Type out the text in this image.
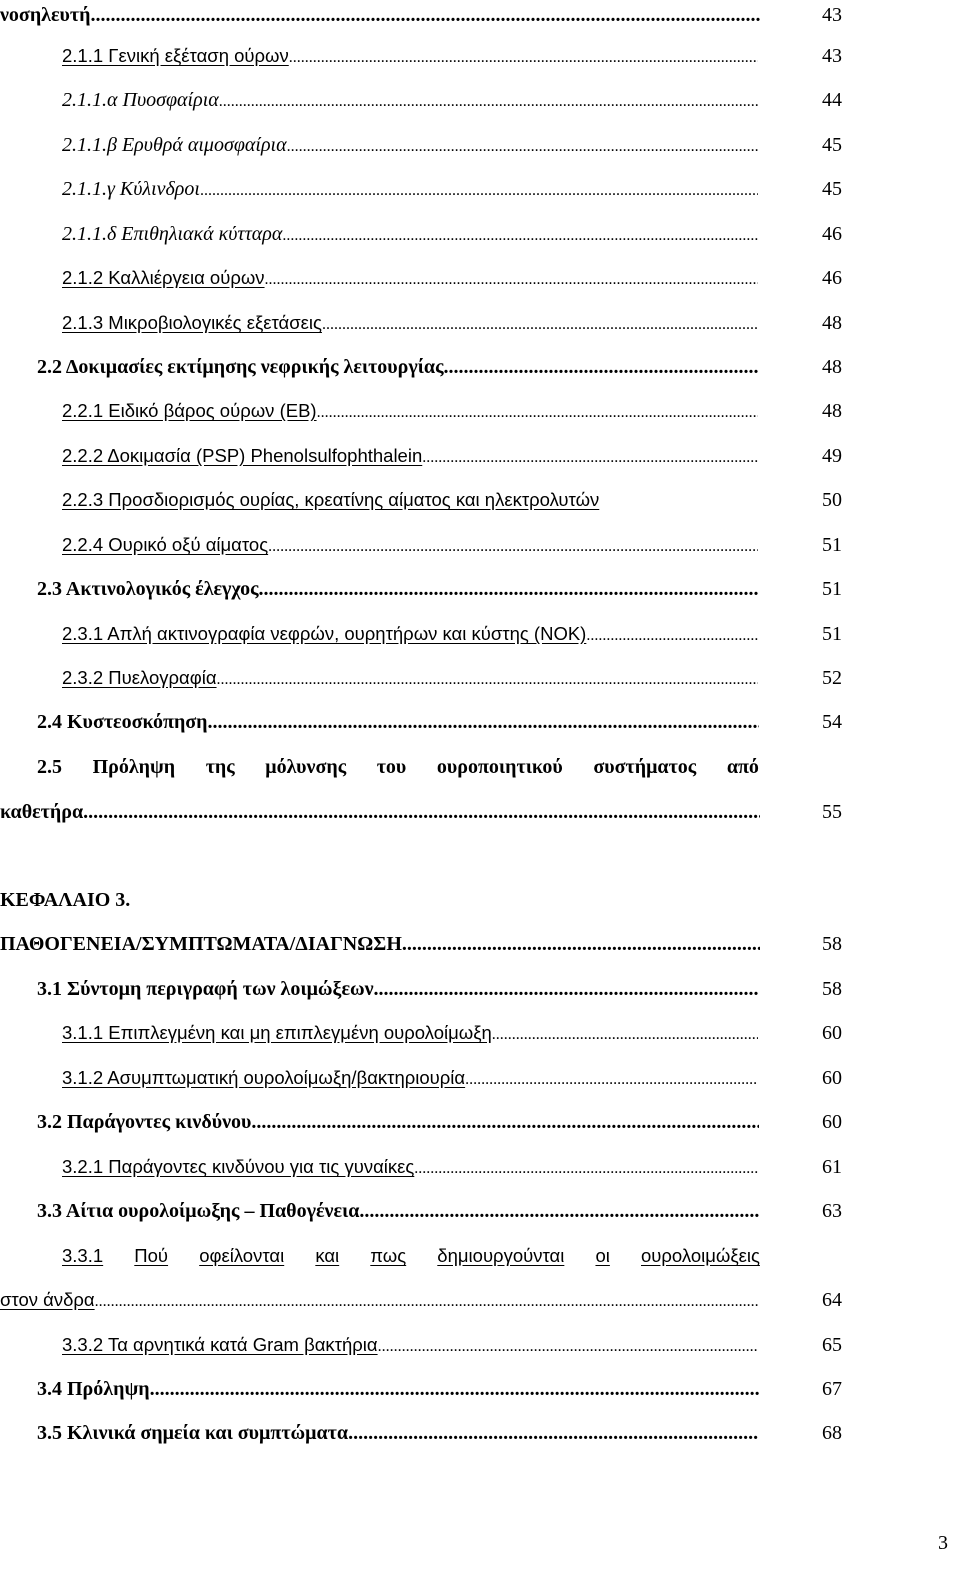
νοσηλευτή .....	43
2.1.1 Γενική εξέταση ούρων .....	43
2.1.1.α Πυοσφαίρια .....	44
2.1.1.β Ερυθρά αιμοσφαίρια .....	45
2.1.1.γ Κύλινδροι .....	45
2.1.1.δ Επιθηλιακά κύτταρα .....	46
2.1.2 Καλλιέργεια ούρων .....	46
2.1.3 Μικροβιολογικές εξετάσεις .....	48
2.2 Δοκιμασίες εκτίμησης νεφρικής λειτουργίας .....	48
2.2.1 Ειδικό βάρος ούρων (ΕΒ) .....	48
2.2.2 Δοκιμασία (PSP) Phenolsulfophthalein .....	49
2.2.3 Προσδιορισμός ουρίας, κρεατίνης αίματος και ηλεκτρολυτών	50
2.2.4 Ουρικό οξύ αίματος .....	51
2.3 Ακτινολογικός έλεγχος .....	51
2.3.1 Απλή ακτινογραφία νεφρών, ουρητήρων και κύστης (ΝΟΚ) .....	51
2.3.2 Πυελογραφία .....	52
2.4 Κυστεοσκόπηση .....	54
2.5 Πρόληψη της μόλυνσης του ουροποιητικού συστήματος από
καθετήρα .....	55
ΚΕΦΑΛΑΙΟ 3.
ΠΑΘΟΓΕΝΕΙΑ/ΣΥΜΠΤΩΜΑΤΑ/ΔΙΑΓΝΩΣΗ .....	58
3.1 Σύντομη περιγραφή των λοιμώξεων .....	58
3.1.1 Επιπλεγμένη και μη επιπλεγμένη ουρολοίμωξη .....	60
3.1.2 Ασυμπτωματική ουρολοίμωξη/βακτηριουρία .....	60
3.2 Παράγοντες κινδύνου .....	60
3.2.1 Παράγοντες κινδύνου για τις γυναίκες .....	61
3.3 Αίτια ουρολοίμωξης – Παθογένεια .....	63
3.3.1 Πού οφείλονται και πως δημιουργούνται οι ουρολοιμώξεις
στον άνδρα .....	64
3.3.2 Τα αρνητικά κατά Gram βακτήρια .....	65
3.4 Πρόληψη .....	67
3.5 Κλινικά σημεία και συμπτώματα .....	68
3
